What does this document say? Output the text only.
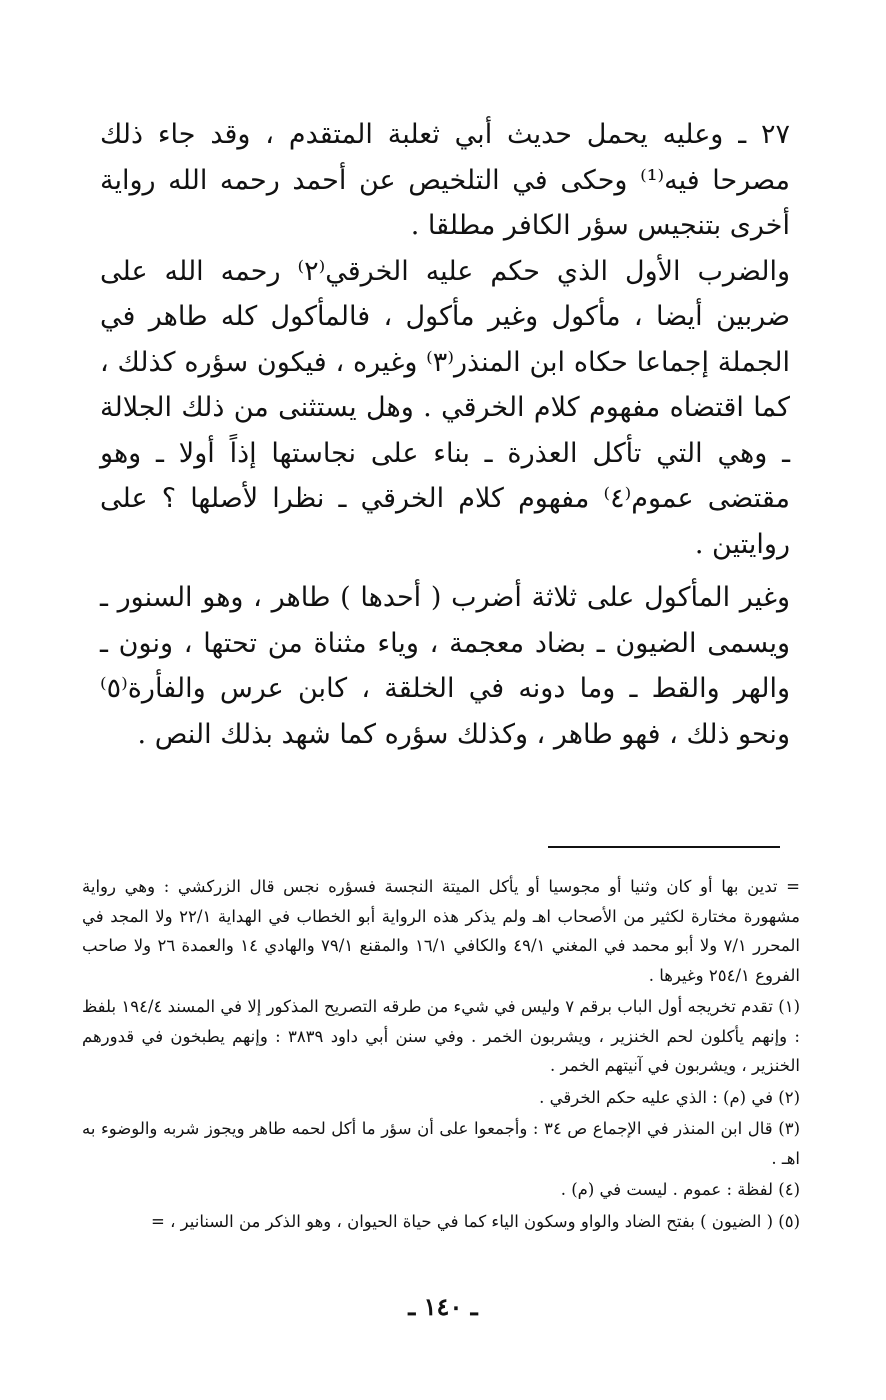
٢٧ ـ وعليه يحمل حديث أبي ثعلبة المتقدم ، وقد جاء ذلك مصرحا فيه⁽¹⁾ وحكى في التلخيص عن أحمد رحمه الله رواية أخرى بتنجيس سؤر الكافر مطلقا .

والضرب الأول الذي حكم عليه الخرقي⁽٢⁾ رحمه الله على ضربين أيضا ، مأكول وغير مأكول ، فالمأكول كله طاهر في الجملة إجماعا حكاه ابن المنذر⁽٣⁾ وغيره ، فيكون سؤره كذلك ، كما اقتضاه مفهوم كلام الخرقي . وهل يستثنى من ذلك الجلالة ـ وهي التي تأكل العذرة ـ بناء على نجاستها إذاً أولا ـ وهو مقتضى عموم⁽٤⁾ مفهوم كلام الخرقي ـ نظرا لأصلها ؟ على روايتين .

وغير المأكول على ثلاثة أضرب ( أحدها ) طاهر ، وهو السنور ـ ويسمى الضيون ـ بضاد معجمة ، وياء مثناة من تحتها ، ونون ـ والهر والقط ـ وما دونه في الخلقة ، كابن عرس والفأرة⁽٥⁾ ونحو ذلك ، فهو طاهر ، وكذلك سؤره كما شهد بذلك النص .

= تدين بها أو كان وثنيا أو مجوسيا أو يأكل الميتة النجسة فسؤره نجس قال الزركشي : وهي رواية مشهورة مختارة لكثير من الأصحاب اهـ ولم يذكر هذه الرواية أبو الخطاب في الهداية ٢٢/١ ولا المجد في المحرر ٧/١ ولا أبو محمد في المغني ٤٩/١ والكافي ١٦/١ والمقنع ٧٩/١ والهادي ١٤ والعمدة ٢٦ ولا صاحب الفروع ٢٥٤/١ وغيرها .

(١) تقدم تخريجه أول الباب برقم ٧ وليس في شيء من طرقه التصريح المذكور إلا في المسند ١٩٤/٤ بلفظ : وإنهم يأكلون لحم الخنزير ، ويشربون الخمر . وفي سنن أبي داود ٣٨٣٩ : وإنهم يطبخون في قدورهم الخنزير ، ويشربون في آنيتهم الخمر .

(٢) في (م) : الذي عليه حكم الخرقي .

(٣) قال ابن المنذر في الإجماع ص ٣٤ : وأجمعوا على أن سؤر ما أكل لحمه طاهر ويجوز شربه والوضوء به اهـ .

(٤) لفظة : عموم . ليست في (م) .

(٥) ( الضيون ) بفتح الضاد والواو وسكون الياء كما في حياة الحيوان ، وهو الذكر من السنانير ، =

ـ ١٤٠ ـ
